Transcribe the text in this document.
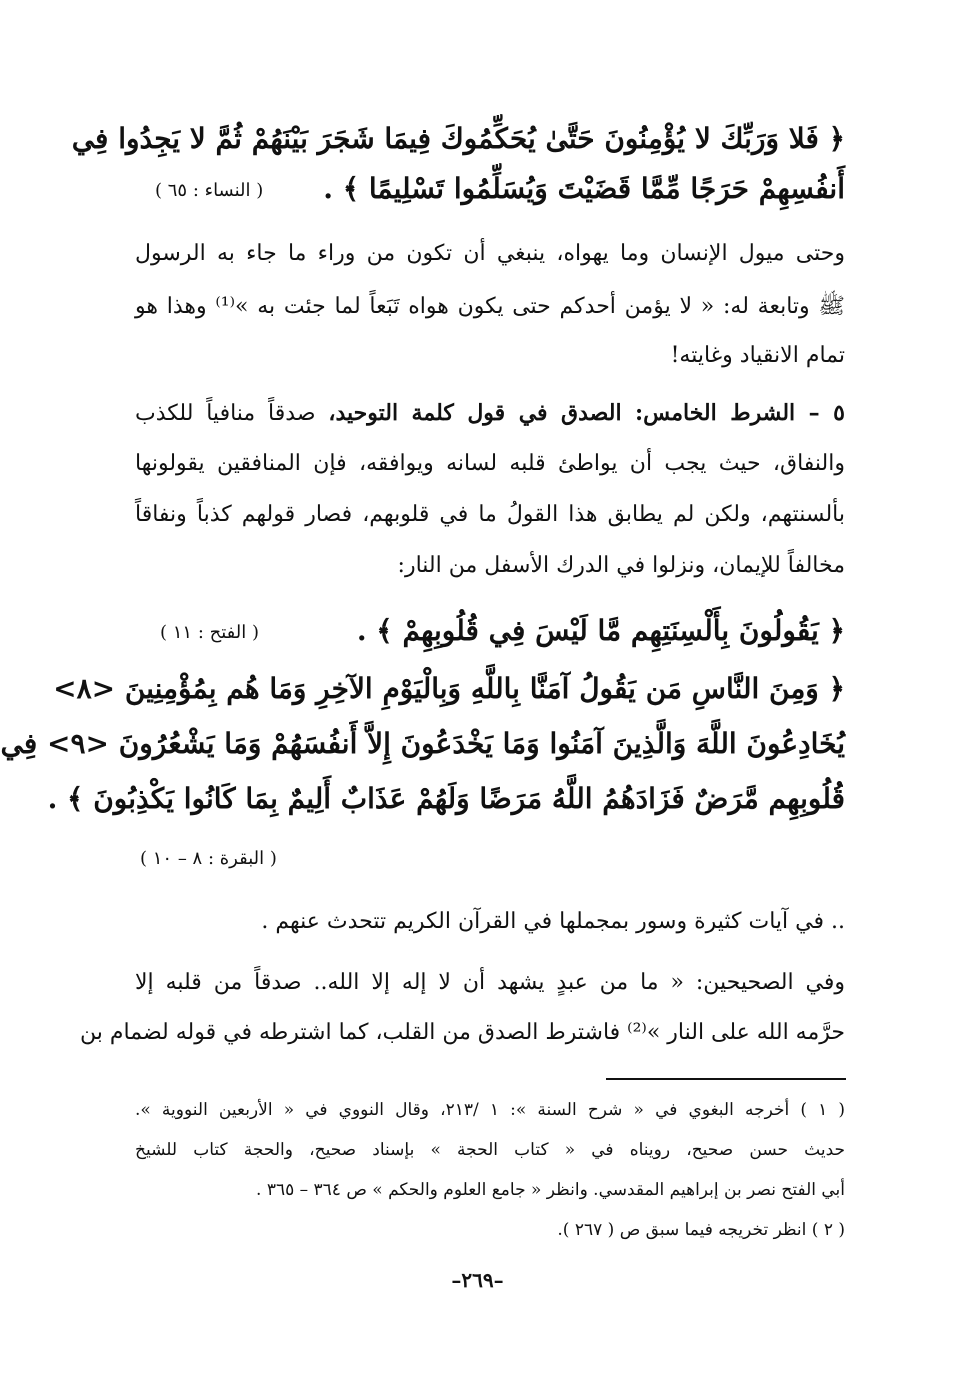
﴿ فَلا وَرَبِّكَ لا يُؤْمِنُونَ حَتَّىٰ يُحَكِّمُوكَ فِيمَا شَجَرَ بَيْنَهُمْ ثُمَّ لا يَجِدُوا فِي
أَنفُسِهِمْ حَرَجًا مِّمَّا قَضَيْتَ وَيُسَلِّمُوا تَسْلِيمًا ﴾ .
( النساء : ٦٥ )
وحتى ميول الإنسان وما يهواه، ينبغي أن تكون من وراء ما جاء به الرسول
ﷺ وتابعة له: « لا يؤمن أحدكم حتى يكون هواه تَبَعاً لما جئت به »⁽¹⁾ وهذا هو
تمام الانقياد وغايته!
٥ – الشرط الخامس: الصدق في قول كلمة التوحيد، صدقاً منافياً للكذب
والنفاق، حيث يجب أن يواطئ قلبه لسانه ويوافقه، فإن المنافقين يقولونها
بألسنتهم، ولكن لم يطابق هذا القولُ ما في قلوبهم، فصار قولهم كذباً ونفاقاً
مخالفاً للإيمان، ونزلوا في الدرك الأسفل من النار:
﴿ يَقُولُونَ بِأَلْسِنَتِهِم مَّا لَيْسَ فِي قُلُوبِهِمْ ﴾ .
( الفتح : ١١ )
﴿ وَمِنَ النَّاسِ مَن يَقُولُ آمَنَّا بِاللَّهِ وَبِالْيَوْمِ الآخِرِ وَمَا هُم بِمُؤْمِنِينَ <٨>
يُخَادِعُونَ اللَّهَ وَالَّذِينَ آمَنُوا وَمَا يَخْدَعُونَ إِلاَّ أَنفُسَهُمْ وَمَا يَشْعُرُونَ <٩> فِي
قُلُوبِهِم مَّرَضٌ فَزَادَهُمُ اللَّهُ مَرَضًا وَلَهُمْ عَذَابٌ أَلِيمٌ بِمَا كَانُوا يَكْذِبُونَ ﴾ .
( البقرة : ٨ – ١٠ )
.. في آيات كثيرة وسور بمجملها في القرآن الكريم تتحدث عنهم .
وفي الصحيحين: « ما من عبدٍ يشهد أن لا إله إلا الله.. صدقاً من قلبه إلا
حرَّمه الله على النار »⁽²⁾ فاشترط الصدق من القلب، كما اشترطه في قوله لضمام بن
( ١ ) أخرجه البغوي في « شرح السنة »: ١ /٢١٣، وقال النووي في « الأربعين النووية ».
حديث حسن صحيح، رويناه في « كتاب الحجة » بإسناد صحيح، والحجة كتاب للشيخ
أبي الفتح نصر بن إبراهيم المقدسي. وانظر « جامع العلوم والحكم » ص ٣٦٤ – ٣٦٥ .
( ٢ ) انظر تخريجه فيما سبق ص ( ٢٦٧ ).
–٢٦٩–
